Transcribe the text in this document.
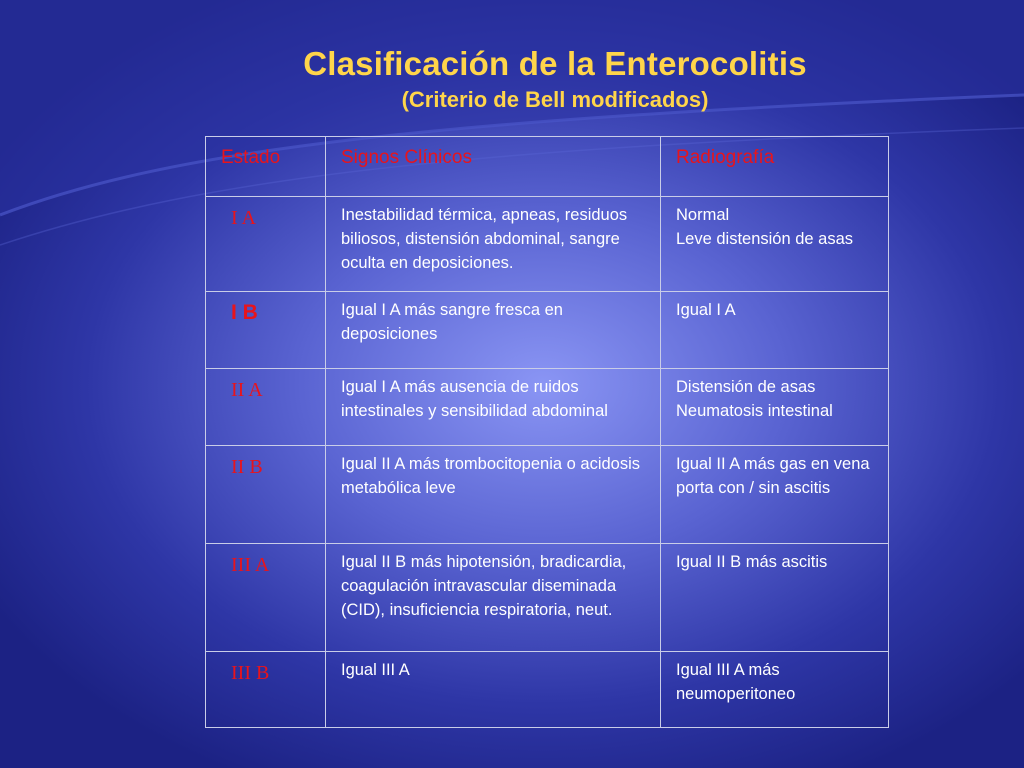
Clasificación de la Enterocolitis
(Criterio de Bell modificados)
Estado	Signos Clínicos	Radiografía

I A	Inestabilidad térmica, apneas, residuos biliosos, distensión abdominal, sangre oculta en deposiciones.	Normal
Leve distensión de asas

I B	Igual I A más sangre fresca en deposiciones	Igual I A

II A	Igual I A más ausencia de ruidos intestinales y sensibilidad abdominal	Distensión de asas
Neumatosis intestinal

II B	Igual II A más trombocitopenia o acidosis metabólica leve	Igual II A más gas en vena porta con / sin ascitis

III A	Igual II B más hipotensión, bradicardia, coagulación intravascular diseminada (CID), insuficiencia respiratoria, neut.	Igual II B más ascitis

III B	Igual III A	Igual III A más neumoperitoneo
